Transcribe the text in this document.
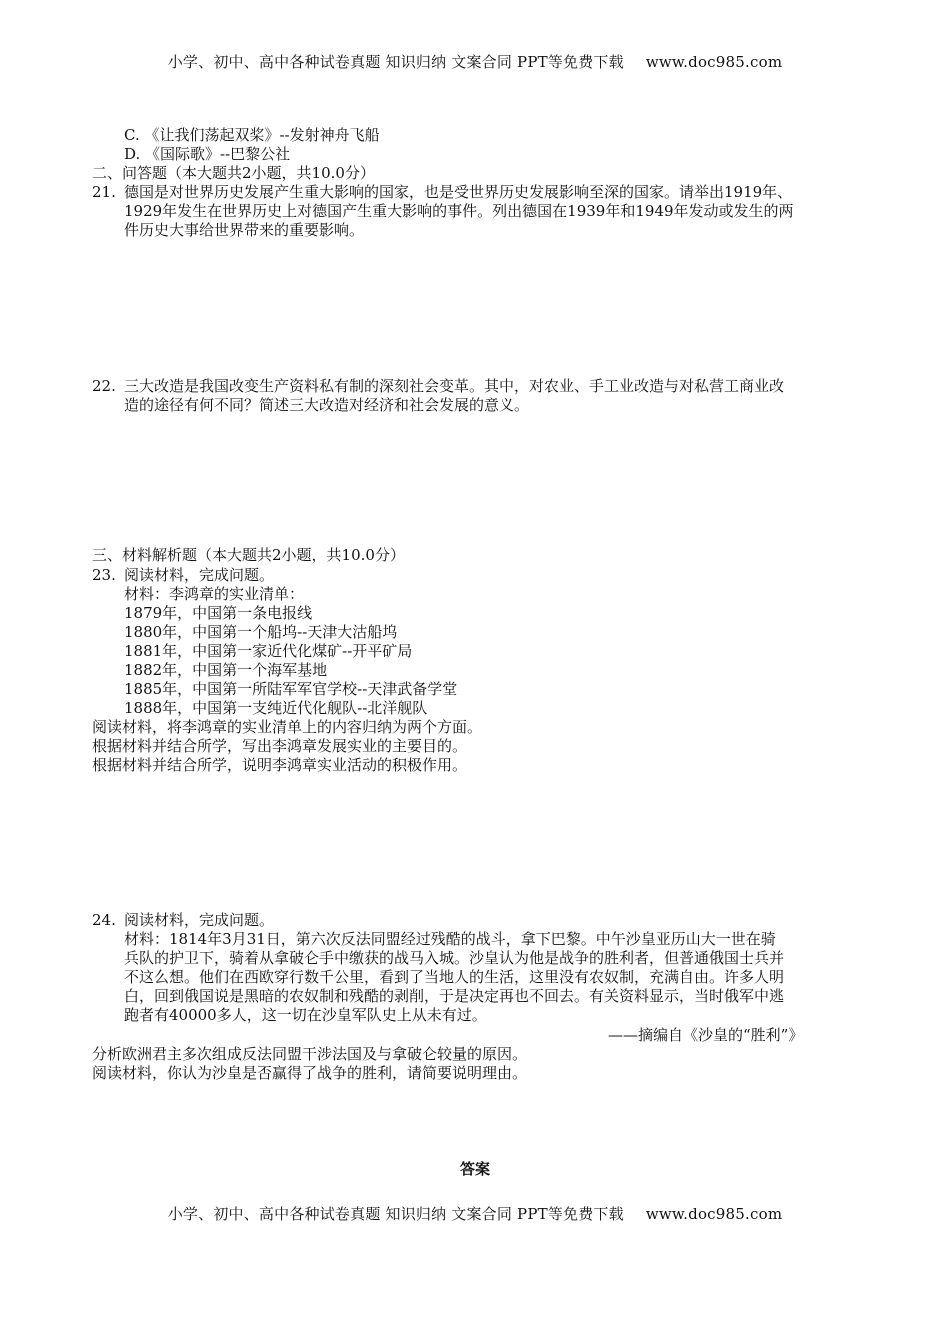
小学、初中、高中各种试卷真题 知识归纳 文案合同 PPT等免费下载 www.doc985.com
C. 《让我们荡起双桨》--发射神舟飞船
D. 《国际歌》--巴黎公社
二、问答题（本大题共2小题，共10.0分）
21. 德国是对世界历史发展产生重大影响的国家，也是受世界历史发展影响至深的国家。请举出1919年、
1929年发生在世界历史上对德国产生重大影响的事件。列出德国在1939年和1949年发动或发生的两
件历史大事给世界带来的重要影响。
22. 三大改造是我国改变生产资料私有制的深刻社会变革。其中，对农业、手工业改造与对私营工商业改
造的途径有何不同？简述三大改造对经济和社会发展的意义。
三、材料解析题（本大题共2小题，共10.0分）
23. 阅读材料，完成问题。
材料：李鸿章的实业清单：
1879年，中国第一条电报线
1880年，中国第一个船坞--天津大沽船坞
1881年，中国第一家近代化煤矿--开平矿局
1882年，中国第一个海军基地
1885年，中国第一所陆军军官学校--天津武备学堂
1888年，中国第一支纯近代化舰队--北洋舰队
阅读材料，将李鸿章的实业清单上的内容归纳为两个方面。
根据材料并结合所学，写出李鸿章发展实业的主要目的。
根据材料并结合所学，说明李鸿章实业活动的积极作用。
24. 阅读材料，完成问题。
材料：1814年3月31日，第六次反法同盟经过残酷的战斗，拿下巴黎。中午沙皇亚历山大一世在骑
兵队的护卫下，骑着从拿破仑手中缴获的战马入城。沙皇认为他是战争的胜利者，但普通俄国士兵并
不这么想。他们在西欧穿行数千公里，看到了当地人的生活，这里没有农奴制，充满自由。许多人明
白，回到俄国说是黑暗的农奴制和残酷的剥削，于是决定再也不回去。有关资料显示，当时俄军中逃
跑者有40000多人，这一切在沙皇军队史上从未有过。
——摘编自《沙皇的“胜利”》
分析欧洲君主多次组成反法同盟干涉法国及与拿破仑较量的原因。
阅读材料，你认为沙皇是否赢得了战争的胜利，请简要说明理由。
答案
小学、初中、高中各种试卷真题 知识归纳 文案合同 PPT等免费下载 www.doc985.com
